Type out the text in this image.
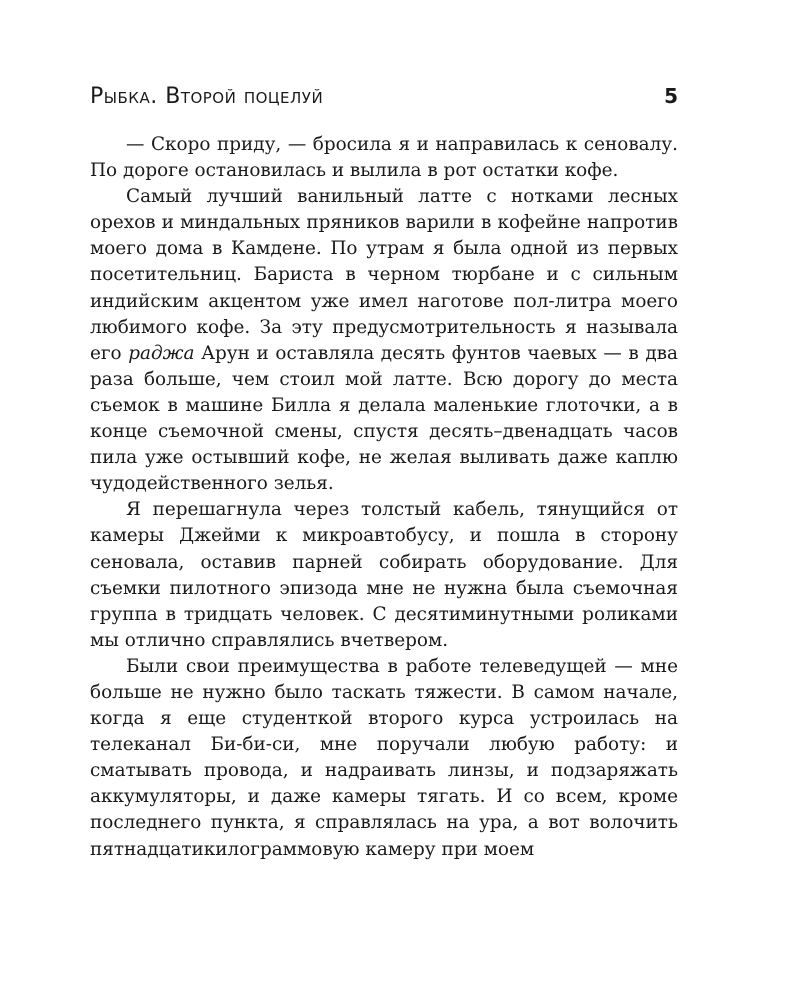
Рыбка. Второй поцелуй	5

— Скоро приду, — бросила я и направилась к сеновалу. По дороге остановилась и вылила в рот остатки кофе.

Самый лучший ванильный латте с нотками лесных орехов и миндальных пряников варили в кофейне напротив моего дома в Камдене. По утрам я была одной из первых посетительниц. Бариста в черном тюрбане и с сильным индийским акцентом уже имел наготове пол-литра моего любимого кофе. За эту предусмотрительность я называла его раджа Арун и оставляла десять фунтов чаевых — в два раза больше, чем стоил мой латте. Всю дорогу до места съемок в машине Билла я делала маленькие глоточки, а в конце съемочной смены, спустя десять–двенадцать часов пила уже остывший кофе, не желая выливать даже каплю чудодейственного зелья.

Я перешагнула через толстый кабель, тянущийся от камеры Джейми к микроавтобусу, и пошла в сторону сеновала, оставив парней собирать оборудование. Для съемки пилотного эпизода мне не нужна была съемочная группа в тридцать человек. С десятиминутными роликами мы отлично справлялись вчетвером.

Были свои преимущества в работе телеведущей — мне больше не нужно было таскать тяжести. В самом начале, когда я еще студенткой второго курса устроилась на телеканал Би-би-си, мне поручали любую работу: и сматывать провода, и надраивать линзы, и подзаряжать аккумуляторы, и даже камеры тягать. И со всем, кроме последнего пункта, я справлялась на ура, а вот волочить пятнадцатикилограммовую камеру при моем
